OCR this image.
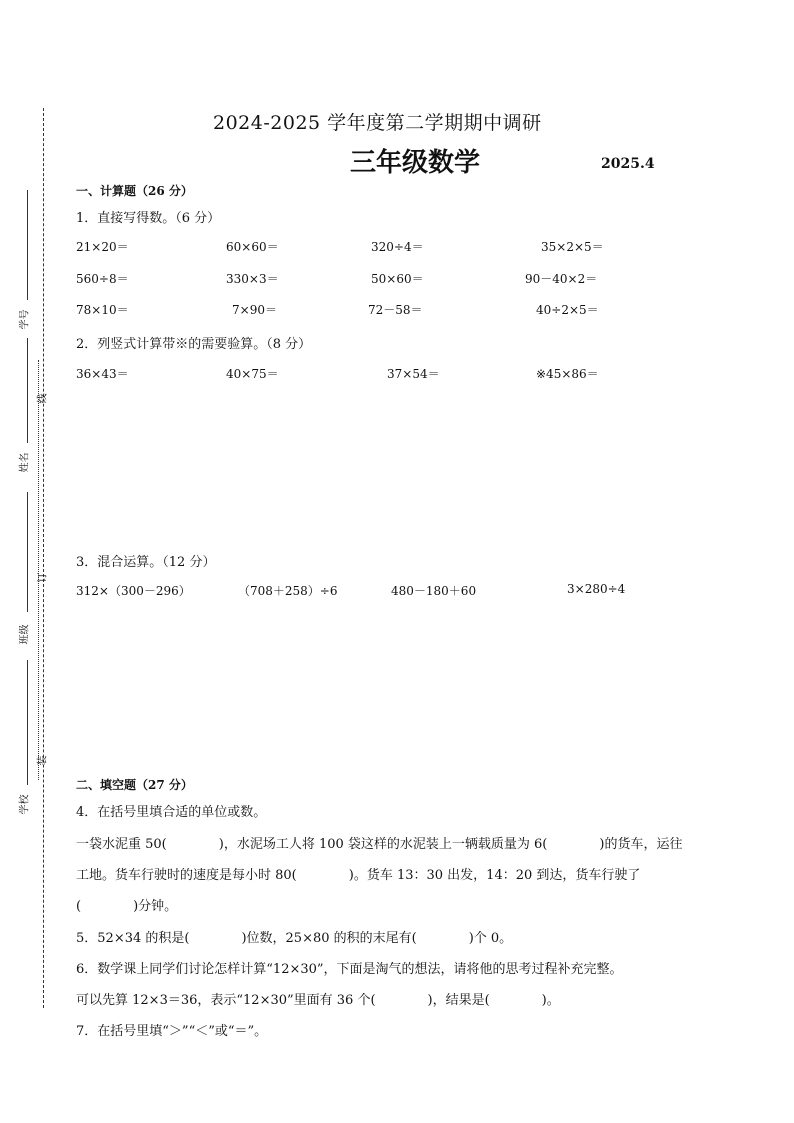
学号
姓名
班级
学校
线
订
装
2024-2025 学年度第二学期期中调研
三年级数学	2025.4
一、计算题（26 分）
1．直接写得数。（6 分）
21×20＝	60×60＝	320÷4＝	35×2×5＝
560÷8＝	330×3＝	50×60＝	90－40×2＝
78×10＝	7×90＝	72－58＝	40÷2×5＝
2．列竖式计算带※的需要验算。（8 分）
36×43＝	40×75＝	37×54＝	※45×86＝
3．混合运算。（12 分）
312×（300－296）	（708＋258）÷6	480－180＋60	3×280÷4
二、填空题（27 分）
4．在括号里填合适的单位或数。
一袋水泥重 50(　　　　)，水泥场工人将 100 袋这样的水泥装上一辆载质量为 6(　　　　)的货车，运往
工地。货车行驶时的速度是每小时 80(　　　　)。货车 13：30 出发，14：20 到达，货车行驶了
(　　　　)分钟。
5．52×34 的积是(　　　　)位数，25×80 的积的末尾有(　　　　)个 0。
6．数学课上同学们讨论怎样计算“12×30”，下面是淘气的想法，请将他的思考过程补充完整。
可以先算 12×3＝36，表示“12×30”里面有 36 个(　　　　)，结果是(　　　　)。
7．在括号里填“＞”“＜”或“＝”。
